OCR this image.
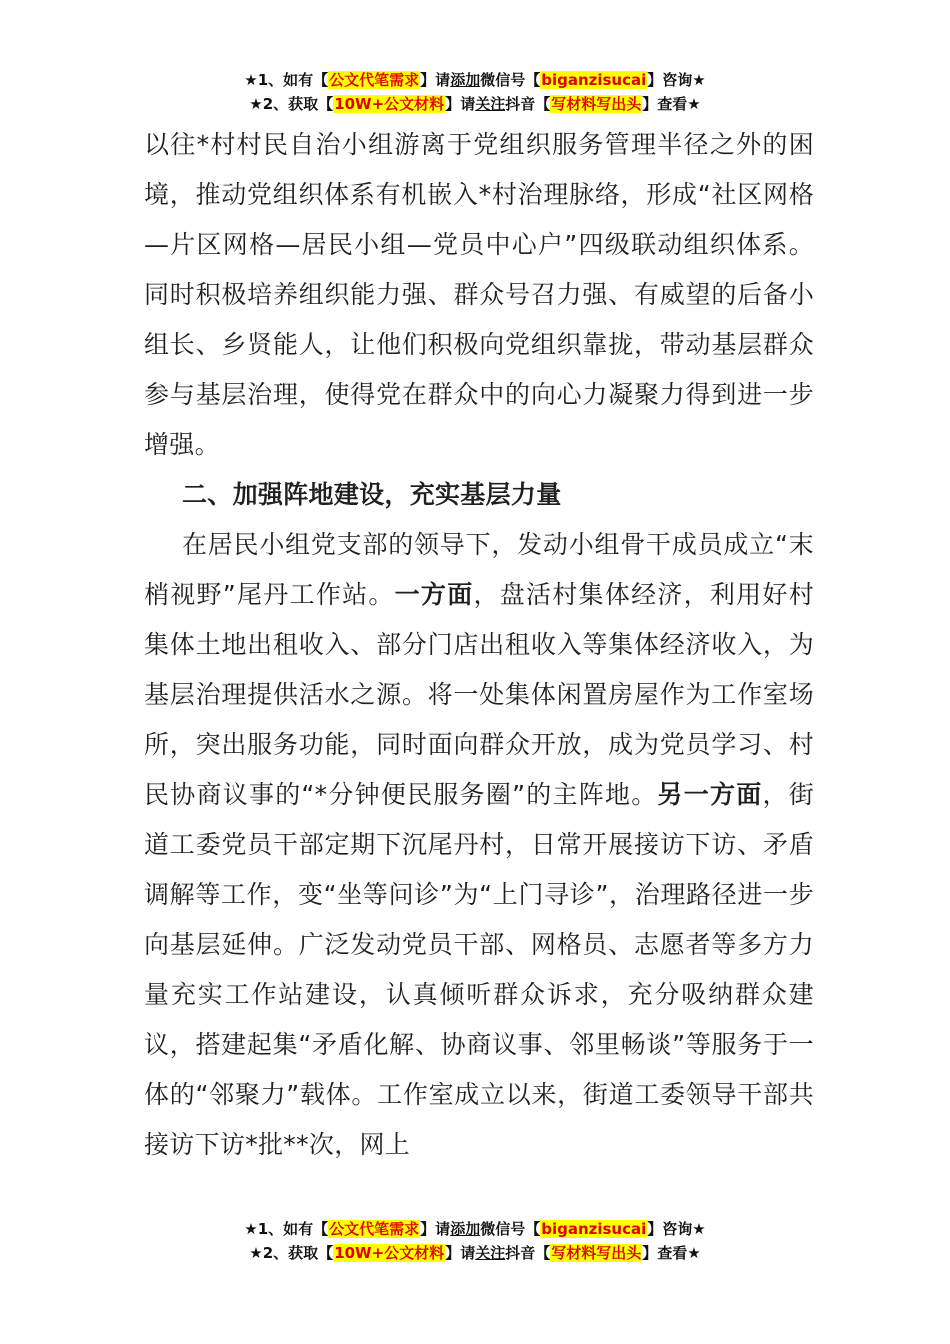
★1、如有【公文代笔需求】请添加微信号【biganzisucai】咨询★
★2、获取【10W+公文材料】请关注抖音【写材料写出头】查看★

以往*村村民自治小组游离于党组织服务管理半径之外的困境，推动党组织体系有机嵌入*村治理脉络，形成“社区网格—片区网格—居民小组—党员中心户”四级联动组织体系。同时积极培养组织能力强、群众号召力强、有威望的后备小组长、乡贤能人，让他们积极向党组织靠拢，带动基层群众参与基层治理，使得党在群众中的向心力凝聚力得到进一步增强。

二、加强阵地建设，充实基层力量

在居民小组党支部的领导下，发动小组骨干成员成立“末梢视野”尾丹工作站。一方面，盘活村集体经济，利用好村集体土地出租收入、部分门店出租收入等集体经济收入，为基层治理提供活水之源。将一处集体闲置房屋作为工作室场所，突出服务功能，同时面向群众开放，成为党员学习、村民协商议事的“*分钟便民服务圈”的主阵地。另一方面，街道工委党员干部定期下沉尾丹村，日常开展接访下访、矛盾调解等工作，变“坐等问诊”为“上门寻诊”，治理路径进一步向基层延伸。广泛发动党员干部、网格员、志愿者等多方力量充实工作站建设，认真倾听群众诉求，充分吸纳群众建议，搭建起集“矛盾化解、协商议事、邻里畅谈”等服务于一体的“邻聚力”载体。工作室成立以来，街道工委领导干部共接访下访*批**次，网上

★1、如有【公文代笔需求】请添加微信号【biganzisucai】咨询★
★2、获取【10W+公文材料】请关注抖音【写材料写出头】查看★
